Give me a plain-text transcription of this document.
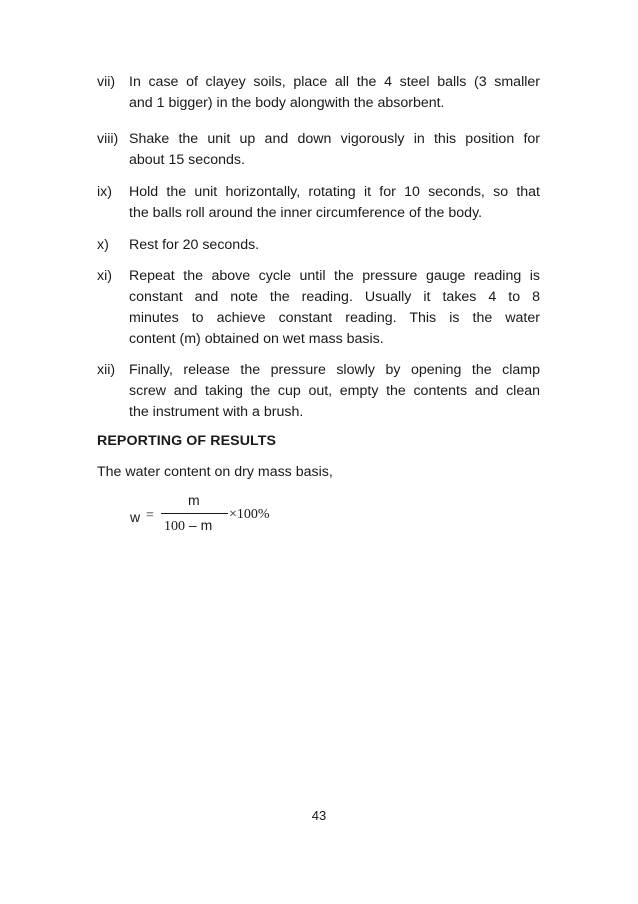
vii) In case of clayey soils, place all the 4 steel balls (3 smaller
and 1 bigger) in the body alongwith the absorbent.
viii) Shake the unit up and down vigorously in this position for
about 15 seconds.
ix) Hold the unit horizontally, rotating it for 10 seconds, so that
the balls roll around the inner circumference of the body.
x) Rest for 20 seconds.
xi) Repeat the above cycle until the pressure gauge reading is
constant and note the reading. Usually it takes 4 to 8
minutes to achieve constant reading. This is the water
content (m) obtained on wet mass basis.
xii) Finally, release the pressure slowly by opening the clamp
screw and taking the cup out, empty the contents and clean
the instrument with a brush.
REPORTING OF RESULTS
The water content on dry mass basis,
w =
m
100 – m
×100%
43
